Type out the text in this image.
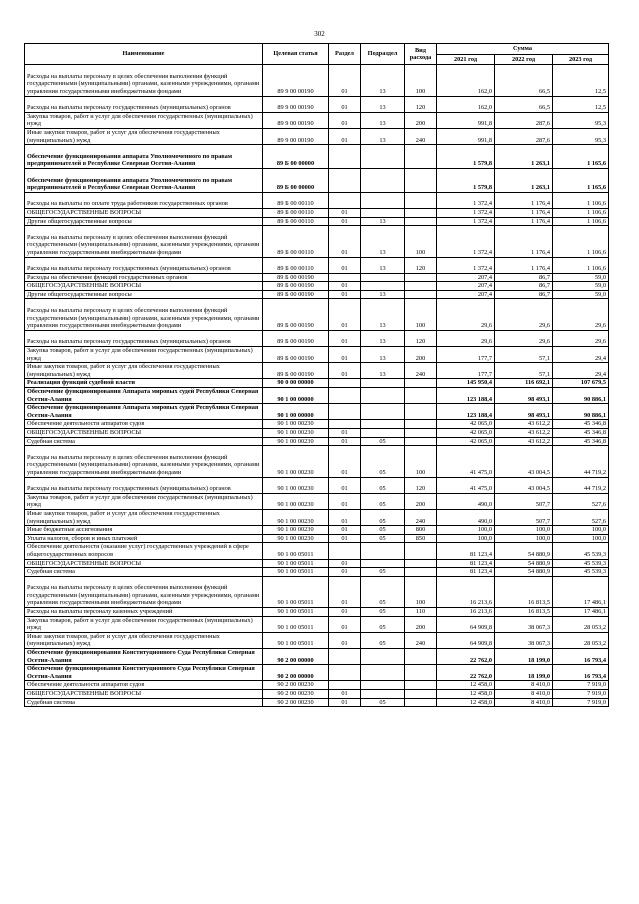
302
Наименование	Целевая статья	Раздел	Подраздел	Вид расхода	Сумма		
					2021 год	2022 год	2023 год
Расходы на выплаты персоналу в целях обеспечения выполнения функций государственными (муниципальными) органами, казенными учреждениями, органами управления государственными внебюджетными фондами	89 9 00 00190	01	13	100	162,0	66,5	12,5
Расходы на выплаты персоналу государственных (муниципальных) органов	89 9 00 00190	01	13	120	162,0	66,5	12,5
Закупка товаров, работ и услуг для обеспечения государственных (муниципальных) нужд	89 9 00 00190	01	13	200	991,8	287,6	95,3
Иные закупки товаров, работ и услуг для обеспечения государственных (муниципальных) нужд	89 9 00 00190	01	13	240	991,8	287,6	95,3
Обеспечение функционирования аппарата Уполномоченного по правам предпринимателей в Республике Северная Осетия-Алания	89 Б 00 00000				1 579,8	1 263,1	1 165,6
Обеспечение функционирования аппарата Уполномоченного по правам предпринимателей в Республике Северная Осетия-Алания	89 Б 00 00000				1 579,8	1 263,1	1 165,6
Расходы на выплаты по оплате труда работников государственных органов	89 Б 00 00110				1 372,4	1 176,4	1 106,6
ОБЩЕГОСУДАРСТВЕННЫЕ ВОПРОСЫ	89 Б 00 00110	01			1 372,4	1 176,4	1 106,6
Другие общегосударственные вопросы	89 Б 00 00110	01	13		1 372,4	1 176,4	1 106,6
Расходы на выплаты персоналу в целях обеспечения выполнения функций государственными (муниципальными) органами, казенными учреждениями, органами управления государственными внебюджетными фондами	89 Б 00 00110	01	13	100	1 372,4	1 176,4	1 106,6
Расходы на выплаты персоналу государственных (муниципальных) органов	89 Б 00 00110	01	13	120	1 372,4	1 176,4	1 106,6
Расходы на обеспечение функций государственных органов	89 Б 00 00190				207,4	86,7	59,0
ОБЩЕГОСУДАРСТВЕННЫЕ ВОПРОСЫ	89 Б 00 00190	01			207,4	86,7	59,0
Другие общегосударственные вопросы	89 Б 00 00190	01	13		207,4	86,7	59,0
Расходы на выплаты персоналу в целях обеспечения выполнения функций государственными (муниципальными) органами, казенными учреждениями, органами управления государственными внебюджетными фондами	89 Б 00 00190	01	13	100	29,6	29,6	29,6
Расходы на выплаты персоналу государственных (муниципальных) органов	89 Б 00 00190	01	13	120	29,6	29,6	29,6
Закупка товаров, работ и услуг для обеспечения государственных (муниципальных) нужд	89 Б 00 00190	01	13	200	177,7	57,1	29,4
Иные закупки товаров, работ и услуг для обеспечения государственных (муниципальных) нужд	89 Б 00 00190	01	13	240	177,7	57,1	29,4
Реализация функций судебной власти	90 0 00 00000				145 950,4	116 692,1	107 679,5
Обеспечение функционирования Аппарата мировых судей Республики Северная Осетия-Алания	90 1 00 00000				123 188,4	98 493,1	90 886,1
Обеспечение функционирования Аппарата мировых судей Республики Северная Осетия-Алания	90 1 00 00000				123 188,4	98 493,1	90 886,1
Обеспечение деятельности аппаратов судов	90 1 00 00230				42 065,0	43 612,2	45 346,8
ОБЩЕГОСУДАРСТВЕННЫЕ ВОПРОСЫ	90 1 00 00230	01			42 065,0	43 612,2	45 346,8
Судебная система	90 1 00 00230	01	05		42 065,0	43 612,2	45 346,8
Расходы на выплаты персоналу в целях обеспечения выполнения функций государственными (муниципальными) органами, казенными учреждениями, органами управления государственными внебюджетными фондами	90 1 00 00230	01	05	100	41 475,0	43 004,5	44 719,2
Расходы на выплаты персоналу государственных (муниципальных) органов	90 1 00 00230	01	05	120	41 475,0	43 004,5	44 719,2
Закупка товаров, работ и услуг для обеспечения государственных (муниципальных) нужд	90 1 00 00230	01	05	200	490,0	507,7	527,6
Иные закупки товаров, работ и услуг для обеспечения государственных (муниципальных) нужд	90 1 00 00230	01	05	240	490,0	507,7	527,6
Иные бюджетные ассигнования	90 1 00 00230	01	05	800	100,0	100,0	100,0
Уплата налогов, сборов и иных платежей	90 1 00 00230	01	05	850	100,0	100,0	100,0
Обеспечение деятельности (оказание услуг) государственных учреждений в сфере общегосударственных вопросов	90 1 00 05011				81 123,4	54 880,9	45 539,3
ОБЩЕГОСУДАРСТВЕННЫЕ ВОПРОСЫ	90 1 00 05011	01			81 123,4	54 880,9	45 539,3
Судебная система	90 1 00 05011	01	05		81 123,4	54 880,9	45 539,3
Расходы на выплаты персоналу в целях обеспечения выполнения функций государственными (муниципальными) органами, казенными учреждениями, органами управления государственными внебюджетными фондами	90 1 00 05011	01	05	100	16 213,6	16 813,5	17 486,1
Расходы на выплаты персоналу казенных учреждений	90 1 00 05011	01	05	110	16 213,6	16 813,5	17 486,1
Закупка товаров, работ и услуг для обеспечения государственных (муниципальных) нужд	90 1 00 05011	01	05	200	64 909,8	38 067,3	28 053,2
Иные закупки товаров, работ и услуг для обеспечения государственных (муниципальных) нужд	90 1 00 05011	01	05	240	64 909,8	38 067,3	28 053,2
Обеспечение функционирования Конституционного Суда Республики Северная Осетия-Алания	90 2 00 00000				22 762,0	18 199,0	16 793,4
Обеспечение функционирования Конституционного Суда Республики Северная Осетия-Алания	90 2 00 00000				22 762,0	18 199,0	16 793,4
Обеспечение деятельности аппаратов судов	90 2 00 00230				12 458,0	8 410,0	7 919,0
ОБЩЕГОСУДАРСТВЕННЫЕ ВОПРОСЫ	90 2 00 00230	01			12 458,0	8 410,0	7 919,0
Судебная система	90 2 00 00230	01	05		12 458,0	8 410,0	7 919,0
